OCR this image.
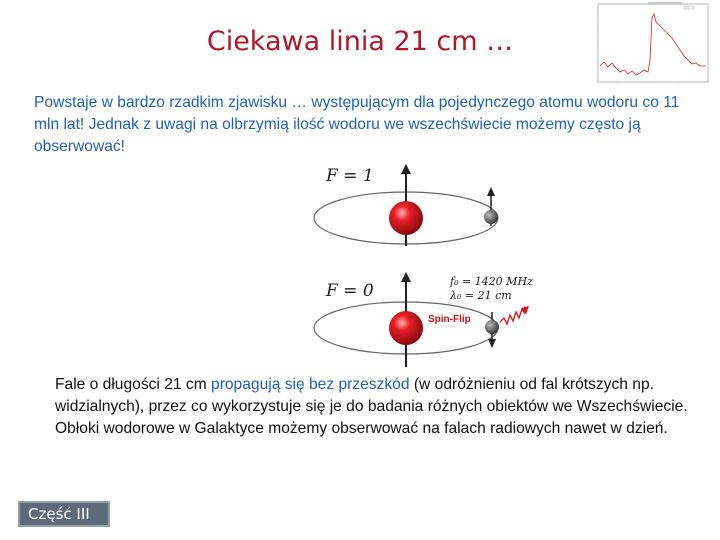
Ciekawa linia 21 cm …

Powstaje w bardzo rzadkim zjawisku … występującym dla pojedynczego atomu wodoru co 11 mln lat! Jednak z uwagi na olbrzymią ilość wodoru we wszechświecie możemy często ją obserwować!

F = 1
F = 0	f₀ = 1420 MHz
λ₀ = 21 cm
Spin-Flip

Fale o długości 21 cm propagują się bez przeszkód (w odróżnieniu od fal krótszych np. widzialnych), przez co wykorzystuje się je do badania różnych obiektów we Wszechświecie. Obłoki wodorowe w Galaktyce możemy obserwować na falach radiowych nawet w dzień.

Część III
